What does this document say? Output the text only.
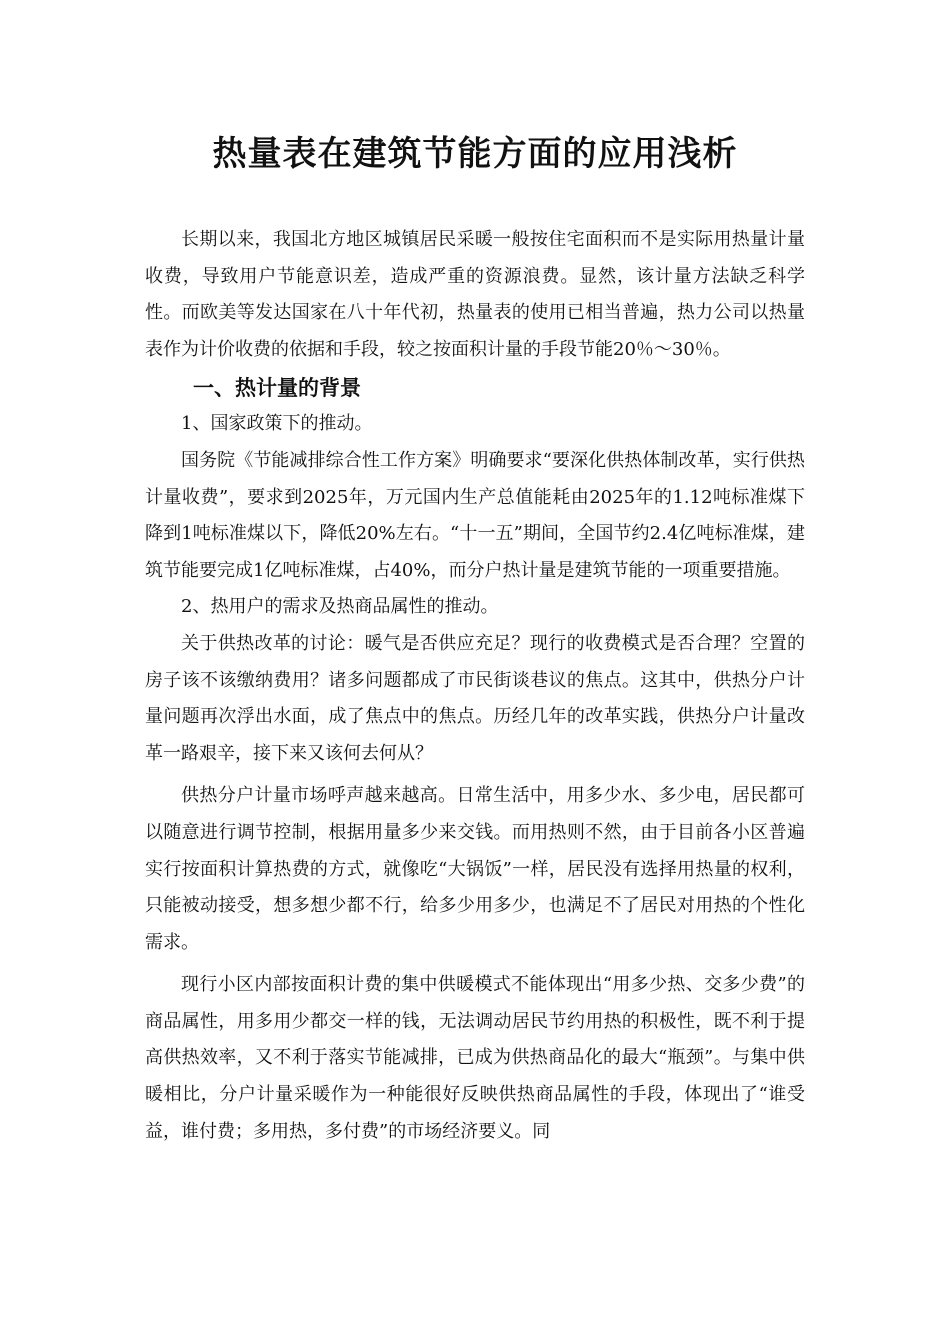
热量表在建筑节能方面的应用浅析

长期以来，我国北方地区城镇居民采暖一般按住宅面积而不是实际用热量计量收费，导致用户节能意识差，造成严重的资源浪费。显然，该计量方法缺乏科学性。而欧美等发达国家在八十年代初，热量表的使用已相当普遍，热力公司以热量表作为计价收费的依据和手段，较之按面积计量的手段节能20％～30％。

一、热计量的背景

1、国家政策下的推动。

国务院《节能减排综合性工作方案》明确要求“要深化供热体制改革，实行供热计量收费”，要求到2025年，万元国内生产总值能耗由2025年的1.12吨标准煤下降到1吨标准煤以下，降低20%左右。“十一五”期间，全国节约2.4亿吨标准煤，建筑节能要完成1亿吨标准煤，占40%，而分户热计量是建筑节能的一项重要措施。

2、热用户的需求及热商品属性的推动。

关于供热改革的讨论：暖气是否供应充足？现行的收费模式是否合理？空置的房子该不该缴纳费用？诸多问题都成了市民街谈巷议的焦点。这其中，供热分户计量问题再次浮出水面，成了焦点中的焦点。历经几年的改革实践，供热分户计量改革一路艰辛，接下来又该何去何从？

供热分户计量市场呼声越来越高。日常生活中，用多少水、多少电，居民都可以随意进行调节控制，根据用量多少来交钱。而用热则不然，由于目前各小区普遍实行按面积计算热费的方式，就像吃“大锅饭”一样，居民没有选择用热量的权利，只能被动接受，想多想少都不行，给多少用多少，也满足不了居民对用热的个性化需求。

现行小区内部按面积计费的集中供暖模式不能体现出“用多少热、交多少费”的商品属性，用多用少都交一样的钱，无法调动居民节约用热的积极性，既不利于提高供热效率，又不利于落实节能减排，已成为供热商品化的最大“瓶颈”。与集中供暖相比，分户计量采暖作为一种能很好反映供热商品属性的手段，体现出了“谁受益，谁付费；多用热，多付费”的市场经济要义。同
